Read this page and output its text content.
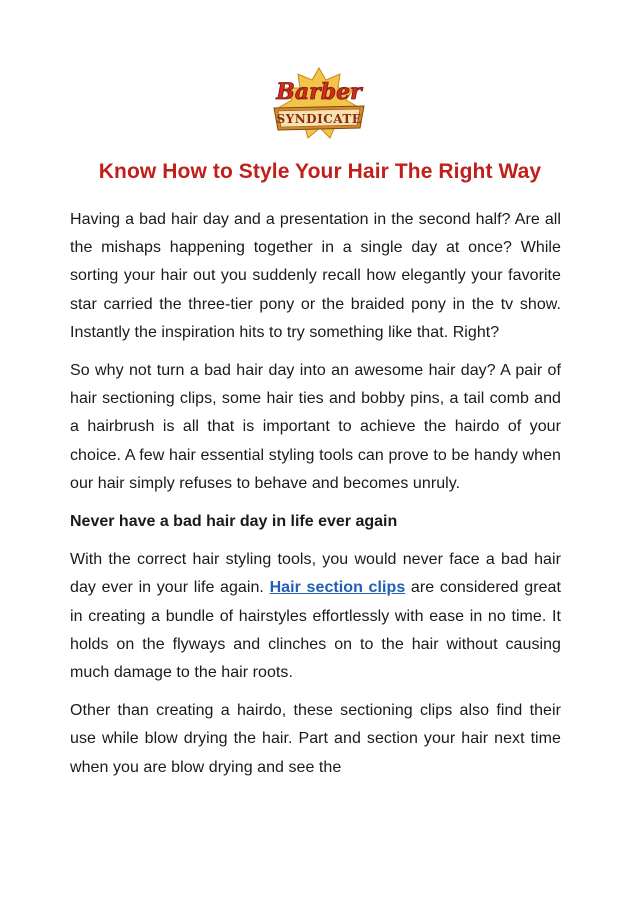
Barber
SYNDICATE
Know How to Style Your Hair The Right Way

Having a bad hair day and a presentation in the second half? Are all the mishaps happening together in a single day at once? While sorting your hair out you suddenly recall how elegantly your favorite star carried the three-tier pony or the braided pony in the tv show. Instantly the inspiration hits to try something like that. Right?

So why not turn a bad hair day into an awesome hair day? A pair of hair sectioning clips, some hair ties and bobby pins, a tail comb and a hairbrush is all that is important to achieve the hairdo of your choice. A few hair essential styling tools can prove to be handy when our hair simply refuses to behave and becomes unruly.

Never have a bad hair day in life ever again

With the correct hair styling tools, you would never face a bad hair day ever in your life again. Hair section clips are considered great in creating a bundle of hairstyles effortlessly with ease in no time. It holds on the flyways and clinches on to the hair without causing much damage to the hair roots.

Other than creating a hairdo, these sectioning clips also find their use while blow drying the hair. Part and section your hair next time when you are blow drying and see the
